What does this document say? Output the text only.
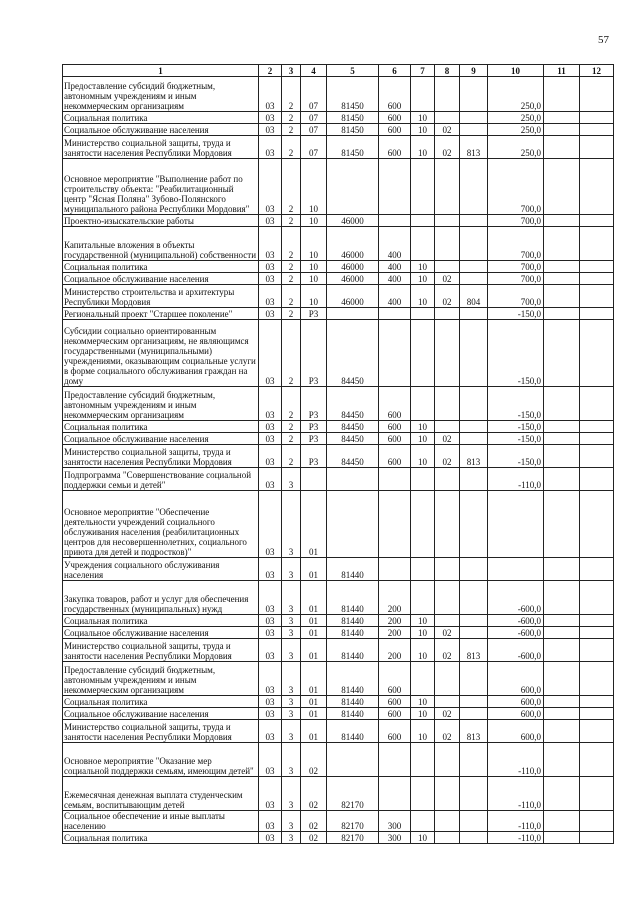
57
1	2	3	4	5	6	7	8	9	10	11	12
Предоставление субсидий бюджетным, автономным учреждениям и иным некоммерческим организациям	03	2	07	81450	600				250,0		
Социальная политика	03	2	07	81450	600	10			250,0		
Социальное обслуживание населения	03	2	07	81450	600	10	02		250,0		
Министерство социальной защиты, труда и занятости населения Республики Мордовия	03	2	07	81450	600	10	02	813	250,0		
Основное мероприятие "Выполнение работ по строительству объекта: "Реабилитационный центр "Ясная Поляна" Зубово-Полянского муниципального района Республики Мордовия"	03	2	10						700,0		
Проектно-изыскательские работы	03	2	10	46000					700,0		
Капитальные вложения в объекты государственной (муниципальной) собственности	03	2	10	46000	400				700,0		
Социальная политика	03	2	10	46000	400	10			700,0		
Социальное обслуживание населения	03	2	10	46000	400	10	02		700,0		
Министерство строительства и архитектуры Республики Мордовия	03	2	10	46000	400	10	02	804	700,0		
Региональный проект "Старшее поколение"	03	2	P3						-150,0		
Субсидии социально ориентированным некоммерческим организациям, не являющимся государственными (муниципальными) учреждениями, оказывающим социальные услуги в форме социального обслуживания граждан на дому	03	2	P3	84450					-150,0		
Предоставление субсидий бюджетным, автономным учреждениям и иным некоммерческим организациям	03	2	P3	84450	600				-150,0		
Социальная политика	03	2	P3	84450	600	10			-150,0		
Социальное обслуживание населения	03	2	P3	84450	600	10	02		-150,0		
Министерство социальной защиты, труда и занятости населения Республики Мордовия	03	2	P3	84450	600	10	02	813	-150,0		
Подпрограмма "Совершенствование социальной поддержки семьи и детей"	03	3							-110,0		
Основное мероприятие "Обеспечение деятельности учреждений социального обслуживания населения (реабилитационных центров для несовершеннолетних, социального приюта для детей и подростков)"	03	3	01								
Учреждения социального обслуживания населения	03	3	01	81440							
Закупка товаров, работ и услуг для обеспечения государственных (муниципальных) нужд	03	3	01	81440	200				-600,0		
Социальная политика	03	3	01	81440	200	10			-600,0		
Социальное обслуживание населения	03	3	01	81440	200	10	02		-600,0		
Министерство социальной защиты, труда и занятости населения Республики Мордовия	03	3	01	81440	200	10	02	813	-600,0		
Предоставление субсидий бюджетным, автономным учреждениям и иным некоммерческим организациям	03	3	01	81440	600				600,0		
Социальная политика	03	3	01	81440	600	10			600,0		
Социальное обслуживание населения	03	3	01	81440	600	10	02		600,0		
Министерство социальной защиты, труда и занятости населения Республики Мордовия	03	3	01	81440	600	10	02	813	600,0		
Основное мероприятие "Оказание мер социальной поддержки семьям, имеющим детей"	03	3	02						-110,0		
Ежемесячная денежная выплата студенческим семьям, воспитывающим детей	03	3	02	82170					-110,0		
Социальное обеспечение и иные выплаты населению	03	3	02	82170	300				-110,0		
Социальная политика	03	3	02	82170	300	10			-110,0		
